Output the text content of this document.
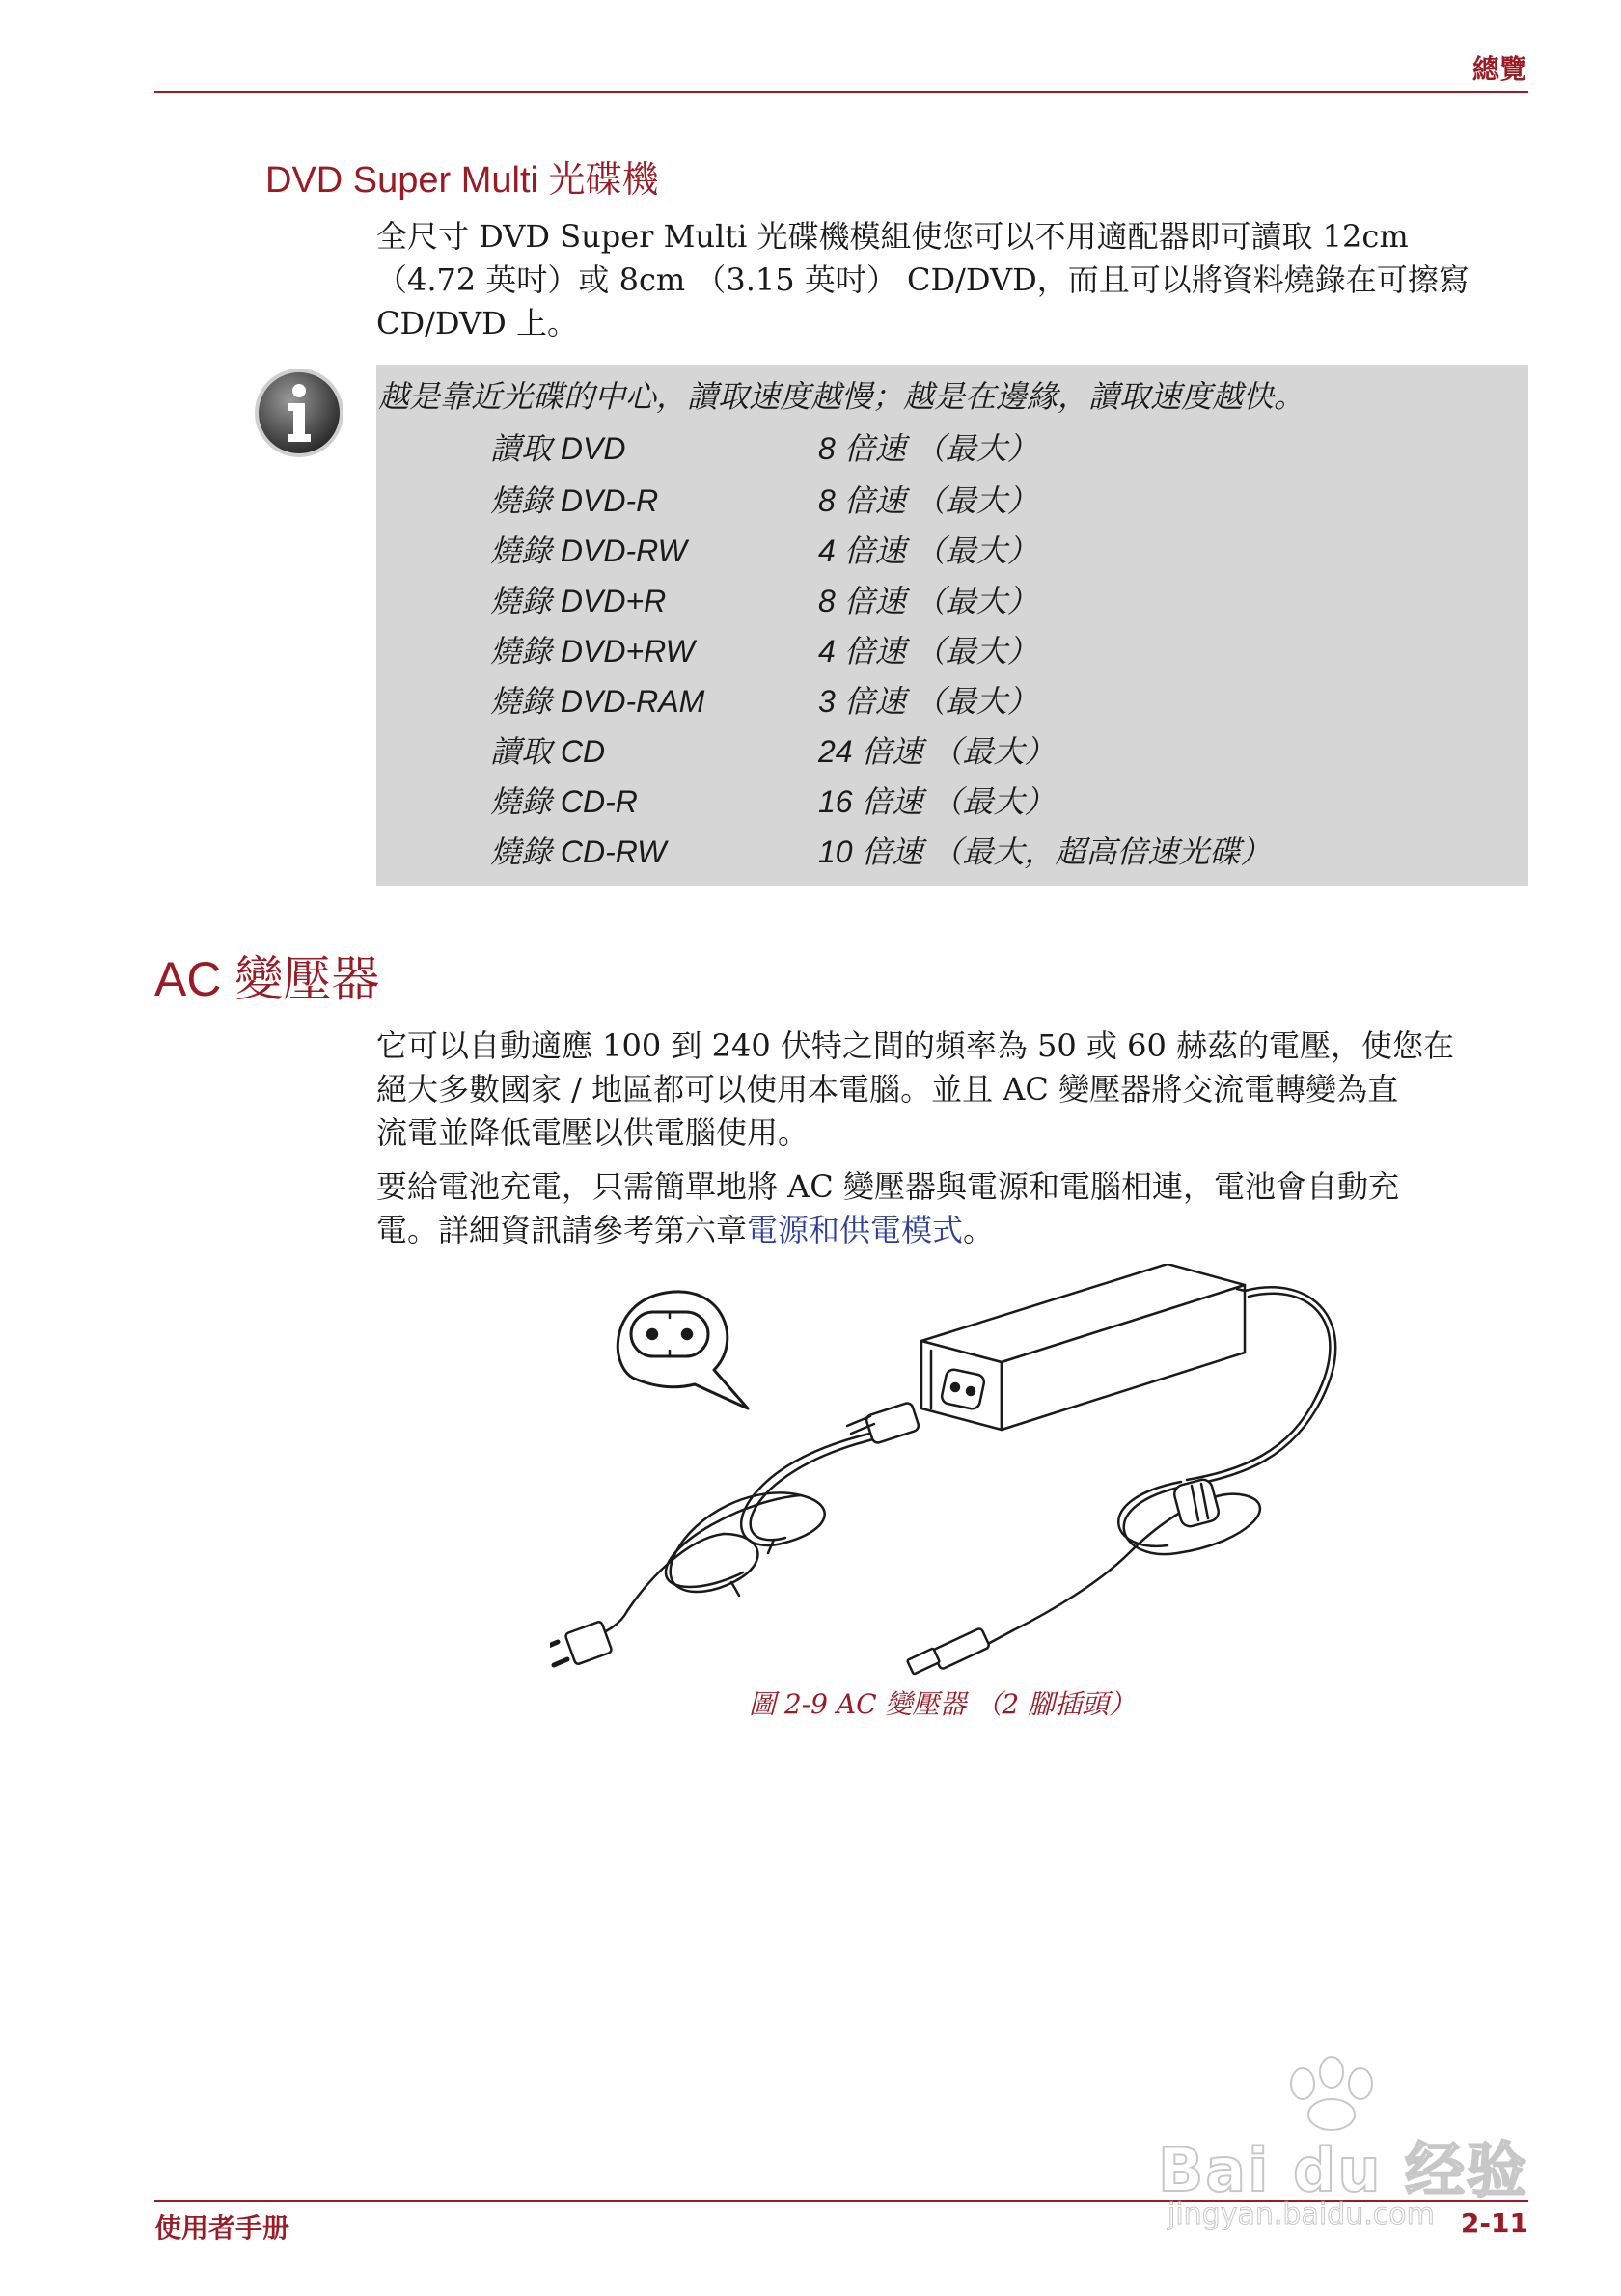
總覽
DVD Super Multi 光碟機
全尺寸 DVD Super Multi 光碟機模組使您可以不用適配器即可讀取 12cm
（4.72 英吋）或 8cm （3.15 英吋） CD/DVD，而且可以將資料燒錄在可擦寫
CD/DVD 上。
越是靠近光碟的中心，讀取速度越慢；越是在邊緣，讀取速度越快。
讀取 DVD	8 倍速 （最大）
燒錄 DVD-R	8 倍速 （最大）
燒錄 DVD-RW	4 倍速 （最大）
燒錄 DVD+R	8 倍速 （最大）
燒錄 DVD+RW	4 倍速 （最大）
燒錄 DVD-RAM	3 倍速 （最大）
讀取 CD	24 倍速 （最大）
燒錄 CD-R	16 倍速 （最大）
燒錄 CD-RW	10 倍速 （最大，超高倍速光碟）
AC 變壓器
它可以自動適應 100 到 240 伏特之間的頻率為 50 或 60 赫茲的電壓，使您在
絕大多數國家 / 地區都可以使用本電腦。並且 AC 變壓器將交流電轉變為直
流電並降低電壓以供電腦使用。
要給電池充電，只需簡單地將 AC 變壓器與電源和電腦相連，電池會自動充
電。詳細資訊請參考第六章電源和供電模式。
圖 2-9 AC 變壓器 （2 腳插頭）
使用者手册	2-11
Bai du 经验
jingyan.baidu.com
